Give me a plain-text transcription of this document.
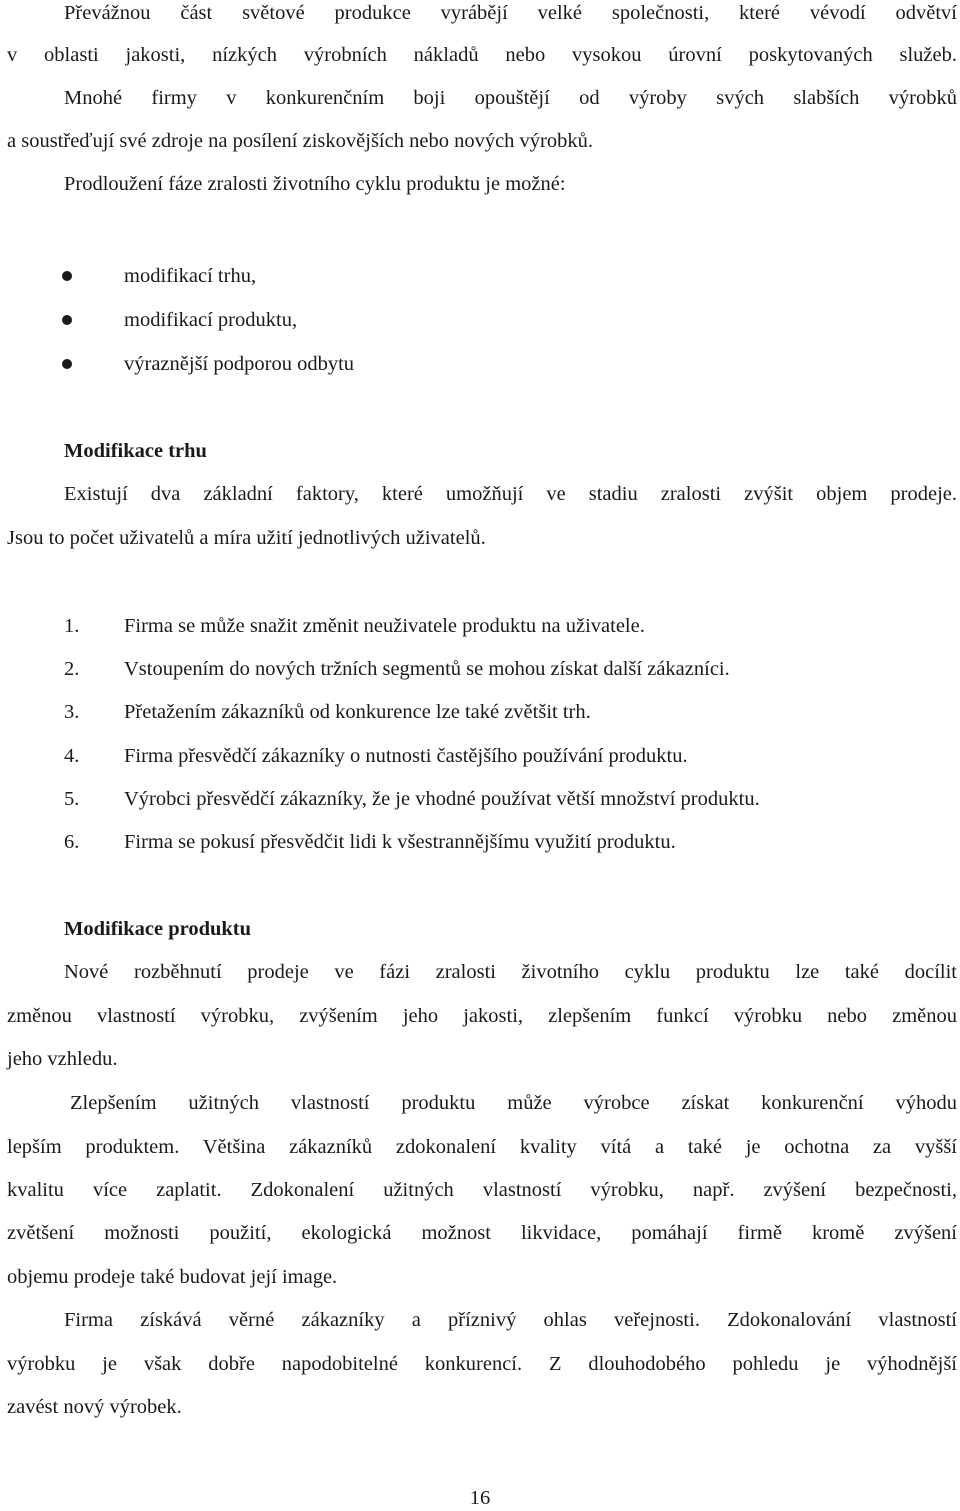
Převážnou část světové produkce vyrábějí velké společnosti, které vévodí odvětví
v oblasti jakosti, nízkých výrobních nákladů nebo vysokou úrovní poskytovaných služeb.
Mnohé firmy v konkurenčním boji opouštějí od výroby svých slabších výrobků
a soustřeďují své zdroje na posílení ziskovějších nebo nových výrobků.
Prodloužení fáze zralosti životního cyklu produktu je možné:
modifikací trhu,
modifikací produktu,
výraznější podporou odbytu
Modifikace trhu
Existují dva základní faktory, které umožňují ve stadiu zralosti zvýšit objem prodeje.
Jsou to počet uživatelů a míra užití jednotlivých uživatelů.
1. Firma se může snažit změnit neuživatele produktu na uživatele.
2. Vstoupením do nových tržních segmentů se mohou získat další zákazníci.
3. Přetažením zákazníků od konkurence lze také zvětšit trh.
4. Firma přesvědčí zákazníky o nutnosti častějšího používání produktu.
5. Výrobci přesvědčí zákazníky, že je vhodné používat větší množství produktu.
6. Firma se pokusí přesvědčit lidi k všestrannějšímu využití produktu.
Modifikace produktu
Nové rozběhnutí prodeje ve fázi zralosti životního cyklu produktu lze také docílit
změnou vlastností výrobku, zvýšením jeho jakosti, zlepšením funkcí výrobku nebo změnou
jeho vzhledu.
Zlepšením užitných vlastností produktu může výrobce získat konkurenční výhodu
lepším produktem. Většina zákazníků zdokonalení kvality vítá a také je ochotna za vyšší
kvalitu více zaplatit. Zdokonalení užitných vlastností výrobku, např. zvýšení bezpečnosti,
zvětšení možnosti použití, ekologická možnost likvidace, pomáhají firmě kromě zvýšení
objemu prodeje také budovat její image.
Firma získává věrné zákazníky a příznivý ohlas veřejnosti. Zdokonalování vlastností
výrobku je však dobře napodobitelné konkurencí. Z dlouhodobého pohledu je výhodnější
zavést nový výrobek.
16
